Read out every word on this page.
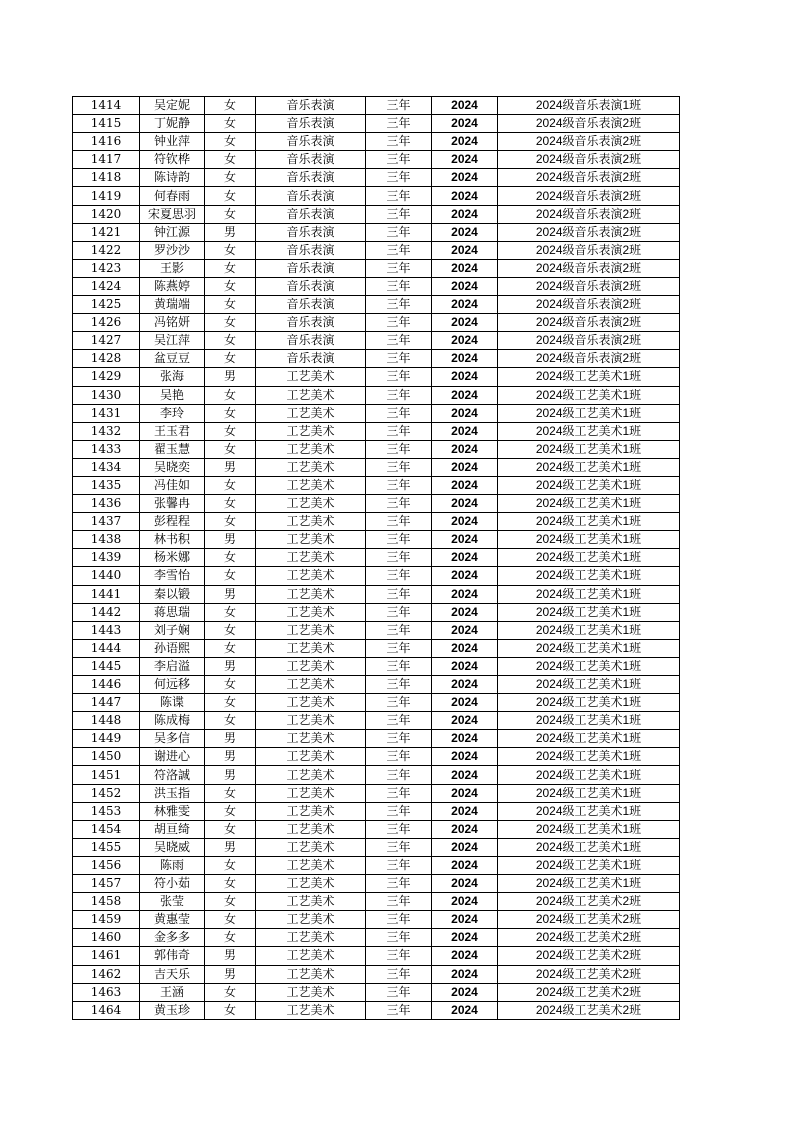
1414	吴定妮	女	音乐表演	三年	2024	2024级音乐表演1班
1415	丁妮静	女	音乐表演	三年	2024	2024级音乐表演2班
1416	钟业萍	女	音乐表演	三年	2024	2024级音乐表演2班
1417	符钦桦	女	音乐表演	三年	2024	2024级音乐表演2班
1418	陈诗韵	女	音乐表演	三年	2024	2024级音乐表演2班
1419	何春雨	女	音乐表演	三年	2024	2024级音乐表演2班
1420	宋夏思羽	女	音乐表演	三年	2024	2024级音乐表演2班
1421	钟江源	男	音乐表演	三年	2024	2024级音乐表演2班
1422	罗沙沙	女	音乐表演	三年	2024	2024级音乐表演2班
1423	王影	女	音乐表演	三年	2024	2024级音乐表演2班
1424	陈燕婷	女	音乐表演	三年	2024	2024级音乐表演2班
1425	黄瑞端	女	音乐表演	三年	2024	2024级音乐表演2班
1426	冯铭妍	女	音乐表演	三年	2024	2024级音乐表演2班
1427	吴江萍	女	音乐表演	三年	2024	2024级音乐表演2班
1428	盆豆豆	女	音乐表演	三年	2024	2024级音乐表演2班
1429	张海	男	工艺美术	三年	2024	2024级工艺美术1班
1430	吴艳	女	工艺美术	三年	2024	2024级工艺美术1班
1431	李玲	女	工艺美术	三年	2024	2024级工艺美术1班
1432	王玉君	女	工艺美术	三年	2024	2024级工艺美术1班
1433	翟玉慧	女	工艺美术	三年	2024	2024级工艺美术1班
1434	吴晓奕	男	工艺美术	三年	2024	2024级工艺美术1班
1435	冯佳如	女	工艺美术	三年	2024	2024级工艺美术1班
1436	张馨冉	女	工艺美术	三年	2024	2024级工艺美术1班
1437	彭程程	女	工艺美术	三年	2024	2024级工艺美术1班
1438	林书积	男	工艺美术	三年	2024	2024级工艺美术1班
1439	杨米娜	女	工艺美术	三年	2024	2024级工艺美术1班
1440	李雪怡	女	工艺美术	三年	2024	2024级工艺美术1班
1441	秦以锻	男	工艺美术	三年	2024	2024级工艺美术1班
1442	蒋思瑞	女	工艺美术	三年	2024	2024级工艺美术1班
1443	刘子娴	女	工艺美术	三年	2024	2024级工艺美术1班
1444	孙语熙	女	工艺美术	三年	2024	2024级工艺美术1班
1445	李启溢	男	工艺美术	三年	2024	2024级工艺美术1班
1446	何远移	女	工艺美术	三年	2024	2024级工艺美术1班
1447	陈谍	女	工艺美术	三年	2024	2024级工艺美术1班
1448	陈成梅	女	工艺美术	三年	2024	2024级工艺美术1班
1449	吴多信	男	工艺美术	三年	2024	2024级工艺美术1班
1450	谢进心	男	工艺美术	三年	2024	2024级工艺美术1班
1451	符洛誠	男	工艺美术	三年	2024	2024级工艺美术1班
1452	洪玉指	女	工艺美术	三年	2024	2024级工艺美术1班
1453	林雅雯	女	工艺美术	三年	2024	2024级工艺美术1班
1454	胡亘绮	女	工艺美术	三年	2024	2024级工艺美术1班
1455	吴晓威	男	工艺美术	三年	2024	2024级工艺美术1班
1456	陈雨	女	工艺美术	三年	2024	2024级工艺美术1班
1457	符小茹	女	工艺美术	三年	2024	2024级工艺美术1班
1458	张莹	女	工艺美术	三年	2024	2024级工艺美术2班
1459	黄惠莹	女	工艺美术	三年	2024	2024级工艺美术2班
1460	金多多	女	工艺美术	三年	2024	2024级工艺美术2班
1461	郭伟奇	男	工艺美术	三年	2024	2024级工艺美术2班
1462	吉天乐	男	工艺美术	三年	2024	2024级工艺美术2班
1463	王涵	女	工艺美术	三年	2024	2024级工艺美术2班
1464	黄玉珍	女	工艺美术	三年	2024	2024级工艺美术2班
